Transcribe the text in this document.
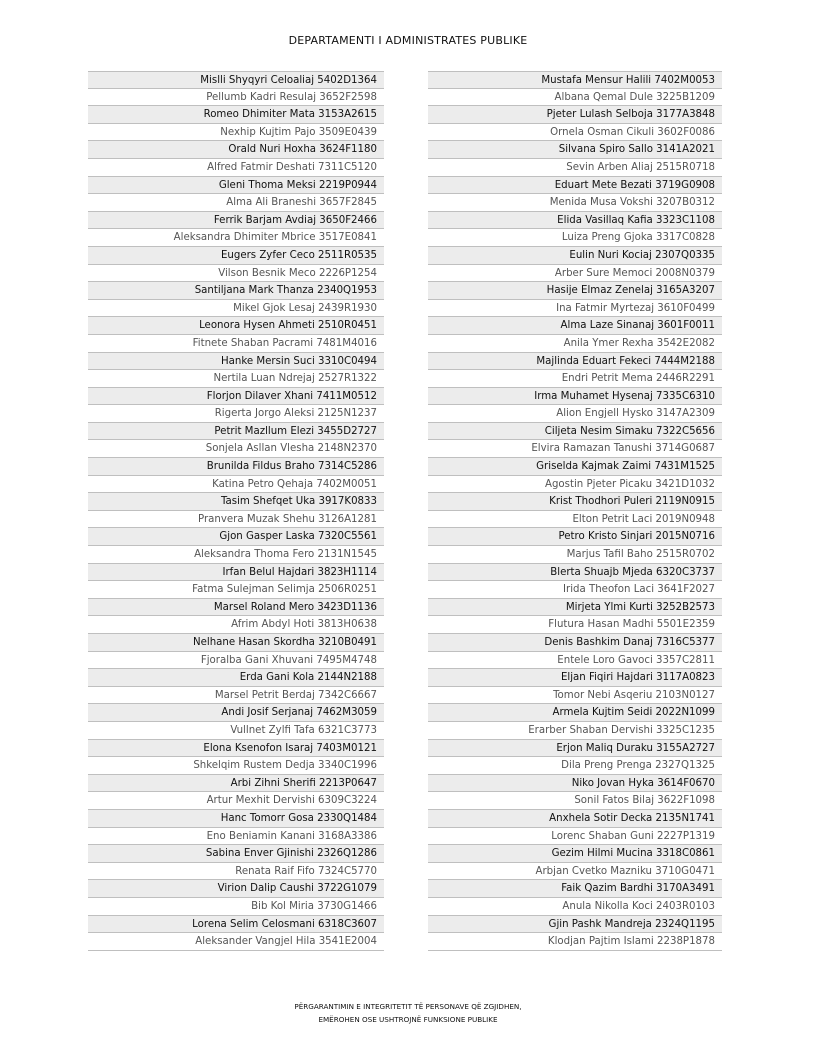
DEPARTAMENTI I ADMINISTRATES PUBLIKE
Mislli Shyqyri Celoaliaj 5402D1364
Pellumb Kadri Resulaj 3652F2598
Romeo Dhimiter Mata 3153A2615
Nexhip Kujtim Pajo 3509E0439
Orald Nuri Hoxha 3624F1180
Alfred Fatmir Deshati 7311C5120
Gleni Thoma Meksi 2219P0944
Alma Ali Braneshi 3657F2845
Ferrik Barjam Avdiaj 3650F2466
Aleksandra Dhimiter Mbrice 3517E0841
Eugers Zyfer Ceco 2511R0535
Vilson Besnik Meco 2226P1254
Santiljana Mark Thanza 2340Q1953
Mikel Gjok Lesaj 2439R1930
Leonora Hysen Ahmeti 2510R0451
Fitnete Shaban Pacrami 7481M4016
Hanke Mersin Suci 3310C0494
Nertila Luan Ndrejaj 2527R1322
Florjon Dilaver Xhani 7411M0512
Rigerta Jorgo Aleksi 2125N1237
Petrit Mazllum Elezi 3455D2727
Sonjela Asllan Vlesha 2148N2370
Brunilda Fildus Braho 7314C5286
Katina Petro Qehaja 7402M0051
Tasim Shefqet Uka 3917K0833
Pranvera Muzak Shehu 3126A1281
Gjon Gasper Laska 7320C5561
Aleksandra Thoma Fero 2131N1545
Irfan Belul Hajdari 3823H1114
Fatma Sulejman Selimja 2506R0251
Marsel Roland Mero 3423D1136
Afrim Abdyl Hoti 3813H0638
Nelhane Hasan Skordha 3210B0491
Fjoralba Gani Xhuvani 7495M4748
Erda Gani Kola 2144N2188
Marsel Petrit Berdaj 7342C6667
Andi Josif Serjanaj 7462M3059
Vullnet Zylfi Tafa 6321C3773
Elona Ksenofon Isaraj 7403M0121
Shkelqim Rustem Dedja 3340C1996
Arbi Zihni Sherifi 2213P0647
Artur Mexhit Dervishi 6309C3224
Hanc Tomorr Gosa 2330Q1484
Eno Beniamin Kanani 3168A3386
Sabina Enver Gjinishi 2326Q1286
Renata Raif Fifo 7324C5770
Virion Dalip Caushi 3722G1079
Bib Kol Miria 3730G1466
Lorena Selim Celosmani 6318C3607
Aleksander Vangjel Hila 3541E2004
Mustafa Mensur Halili 7402M0053
Albana Qemal Dule 3225B1209
Pjeter Lulash Selboja 3177A3848
Ornela Osman Cikuli 3602F0086
Silvana Spiro Sallo 3141A2021
Sevin Arben Aliaj 2515R0718
Eduart Mete Bezati 3719G0908
Menida Musa Vokshi 3207B0312
Elida Vasillaq Kafia 3323C1108
Luiza Preng Gjoka 3317C0828
Eulin Nuri Kociaj 2307Q0335
Arber Sure Memoci 2008N0379
Hasije Elmaz Zenelaj 3165A3207
Ina Fatmir Myrtezaj 3610F0499
Alma Laze Sinanaj 3601F0011
Anila Ymer Rexha 3542E2082
Majlinda Eduart Fekeci 7444M2188
Endri Petrit Mema 2446R2291
Irma Muhamet Hysenaj 7335C6310
Alion Engjell Hysko 3147A2309
Ciljeta Nesim Simaku 7322C5656
Elvira Ramazan Tanushi 3714G0687
Griselda Kajmak Zaimi 7431M1525
Agostin Pjeter Picaku 3421D1032
Krist Thodhori Puleri 2119N0915
Elton Petrit Laci 2019N0948
Petro Kristo Sinjari 2015N0716
Marjus Tafil Baho 2515R0702
Blerta Shuajb Mjeda 6320C3737
Irida Theofon Laci 3641F2027
Mirjeta Ylmi Kurti 3252B2573
Flutura Hasan Madhi 5501E2359
Denis Bashkim Danaj 7316C5377
Entele Loro Gavoci 3357C2811
Eljan Fiqiri Hajdari 3117A0823
Tomor Nebi Asqeriu 2103N0127
Armela Kujtim Seidi 2022N1099
Erarber Shaban Dervishi 3325C1235
Erjon Maliq Duraku 3155A2727
Dila Preng Prenga 2327Q1325
Niko Jovan Hyka 3614F0670
Sonil Fatos Bilaj 3622F1098
Anxhela Sotir Decka 2135N1741
Lorenc Shaban Guni 2227P1319
Gezim Hilmi Mucina 3318C0861
Arbjan Cvetko Mazniku 3710G0471
Faik Qazim Bardhi 3170A3491
Anula Nikolla Koci 2403R0103
Gjin Pashk Mandreja 2324Q1195
Klodjan Pajtim Islami 2238P1878
PËRGARANTIMIN E INTEGRITETIT TË PERSONAVE QË ZGJIDHEN,
EMËROHEN OSE USHTROJNË FUNKSIONE PUBLIKE
